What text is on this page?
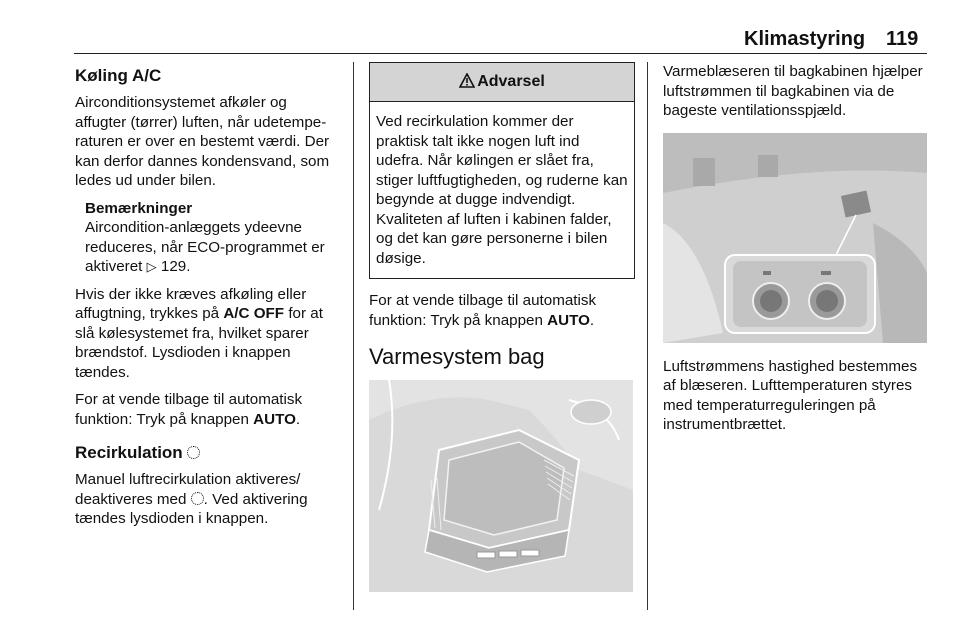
Klimastyring 119
Køling A/C

Airconditionsystemet afkøler og affugter (tørrer) luften, når udetemperaturen er over en bestemt værdi. Der kan derfor dannes kondensvand, som ledes ud under bilen.

Bemærkninger
Aircondition-anlæggets ydeevne reduceres, når ECO-programmet er aktiveret ▷ 129.

Hvis der ikke kræves afkøling eller affugtning, trykkes på A/C OFF for at slå kølesystemet fra, hvilket sparer brændstof. Lysdioden i knappen tændes.

For at vende tilbage til automatisk funktion: Tryk på knappen AUTO.

Recirkulation

Manuel luftrecirkulation aktiveres/ deaktiveres med . Ved aktivering tændes lysdioden i knappen.

Advarsel
Ved recirkulation kommer der praktisk talt ikke nogen luft ind udefra. Når kølingen er slået fra, stiger luftfugtigheden, og ruderne kan begynde at dugge indvendigt. Kvaliteten af luften i kabinen falder, og det kan gøre personerne i bilen døsige.

For at vende tilbage til automatisk funktion: Tryk på knappen AUTO.

Varmesystem bag

Varmeblæseren til bagkabinen hjælper luftstrømmen til bagkabinen via de bageste ventilationsspjæld.

Luftstrømmens hastighed bestemmes af blæseren. Lufttemperaturen styres med temperaturreguleringen på instrumentbrættet.
